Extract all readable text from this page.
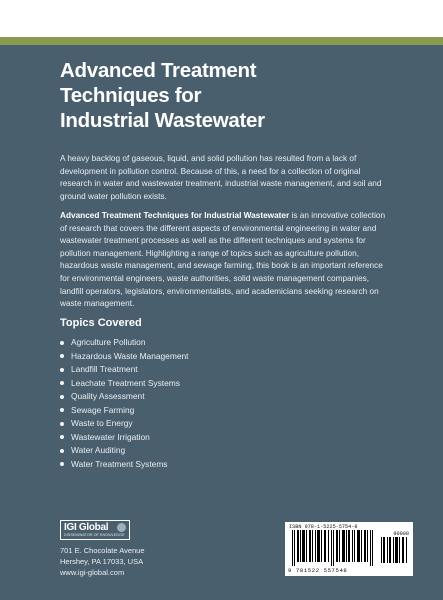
Advanced Treatment
Techniques for
Industrial Wastewater

A heavy backlog of gaseous, liquid, and solid pollution has resulted from a lack of development in pollution control. Because of this, a need for a collection of original research in water and wastewater treatment, industrial waste management, and soil and ground water pollution exists.

Advanced Treatment Techniques for Industrial Wastewater is an innovative collection of research that covers the different aspects of environmental engineering in water and wastewater treatment processes as well as the different techniques and systems for pollution management. Highlighting a range of topics such as agriculture pollution, hazardous waste management, and sewage farming, this book is an important reference for environmental engineers, waste authorities, solid waste management companies, landfill operators, legislators, environmentalists, and academicians seeking research on waste management.

Topics Covered
Agriculture Pollution
Hazardous Waste Management
Landfill Treatment
Leachate Treatment Systems
Quality Assessment
Sewage Farming
Waste to Energy
Wastewater Irrigation
Water Auditing
Water Treatment Systems
IGI Global
DISSEMINATOR OF KNOWLEDGE
701 E. Chocolate Avenue
Hershey, PA 17033, USA
www.igi-global.com
ISBN 978-1-5225-5754-8
90000
9 781522 557548
